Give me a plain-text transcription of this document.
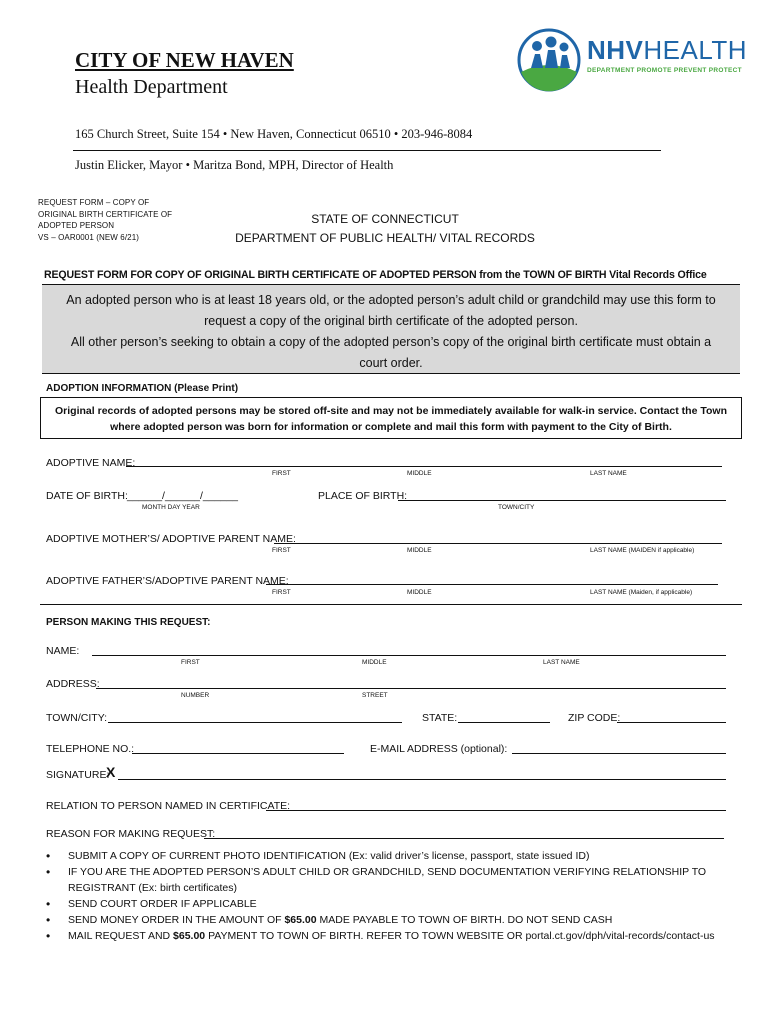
CITY OF NEW HAVEN
Health Department
165 Church Street, Suite 154 • New Haven, Connecticut 06510 • 203-946-8084
Justin Elicker, Mayor • Maritza Bond, MPH, Director of Health
NHVHEALTH
DEPARTMENT PROMOTE PREVENT PROTECT
REQUEST FORM – COPY OF
ORIGINAL BIRTH CERTIFICATE OF
ADOPTED PERSON
VS – OAR0001 (NEW 6/21)
STATE OF CONNECTICUT
DEPARTMENT OF PUBLIC HEALTH/ VITAL RECORDS
REQUEST FORM FOR COPY OF ORIGINAL BIRTH CERTIFICATE OF ADOPTED PERSON from the TOWN OF BIRTH Vital Records Office
An adopted person who is at least 18 years old, or the adopted person’s adult child or grandchild may use this form to request a copy of the original birth certificate of the adopted person.
All other person’s seeking to obtain a copy of the adopted person’s copy of the original birth certificate must obtain a court order.
ADOPTION INFORMATION (Please Print)
Original records of adopted persons may be stored off-site and may not be immediately available for walk-in service. Contact the Town where adopted person was born for information or complete and mail this form with payment to the City of Birth.
ADOPTIVE NAME:
FIRST	MIDDLE	LAST NAME
DATE OF BIRTH: ______/______/______
MONTH DAY YEAR
PLACE OF BIRTH:
TOWN/CITY
ADOPTIVE MOTHER’S/ ADOPTIVE PARENT NAME:
FIRST	MIDDLE	LAST NAME (MAIDEN if applicable)
ADOPTIVE FATHER’S/ADOPTIVE PARENT NAME:
FIRST	MIDDLE	LAST NAME (Maiden, if applicable)
PERSON MAKING THIS REQUEST:
NAME:
FIRST	MIDDLE	LAST NAME
ADDRESS:
NUMBER	STREET
TOWN/CITY:	STATE:	ZIP CODE:
TELEPHONE NO.:	E-MAIL ADDRESS (optional):
SIGNATURE:
X
RELATION TO PERSON NAMED IN CERTIFICATE:
REASON FOR MAKING REQUEST:
• SUBMIT A COPY OF CURRENT PHOTO IDENTIFICATION (Ex: valid driver’s license, passport, state issued ID)
• IF YOU ARE THE ADOPTED PERSON’S ADULT CHILD OR GRANDCHILD, SEND DOCUMENTATION VERIFYING RELATIONSHIP TO REGISTRANT (Ex: birth certificates)
• SEND COURT ORDER IF APPLICABLE
• SEND MONEY ORDER IN THE AMOUNT OF $65.00 MADE PAYABLE TO TOWN OF BIRTH. DO NOT SEND CASH
• MAIL REQUEST AND $65.00 PAYMENT TO TOWN OF BIRTH. REFER TO TOWN WEBSITE OR portal.ct.gov/dph/vital-records/contact-us
